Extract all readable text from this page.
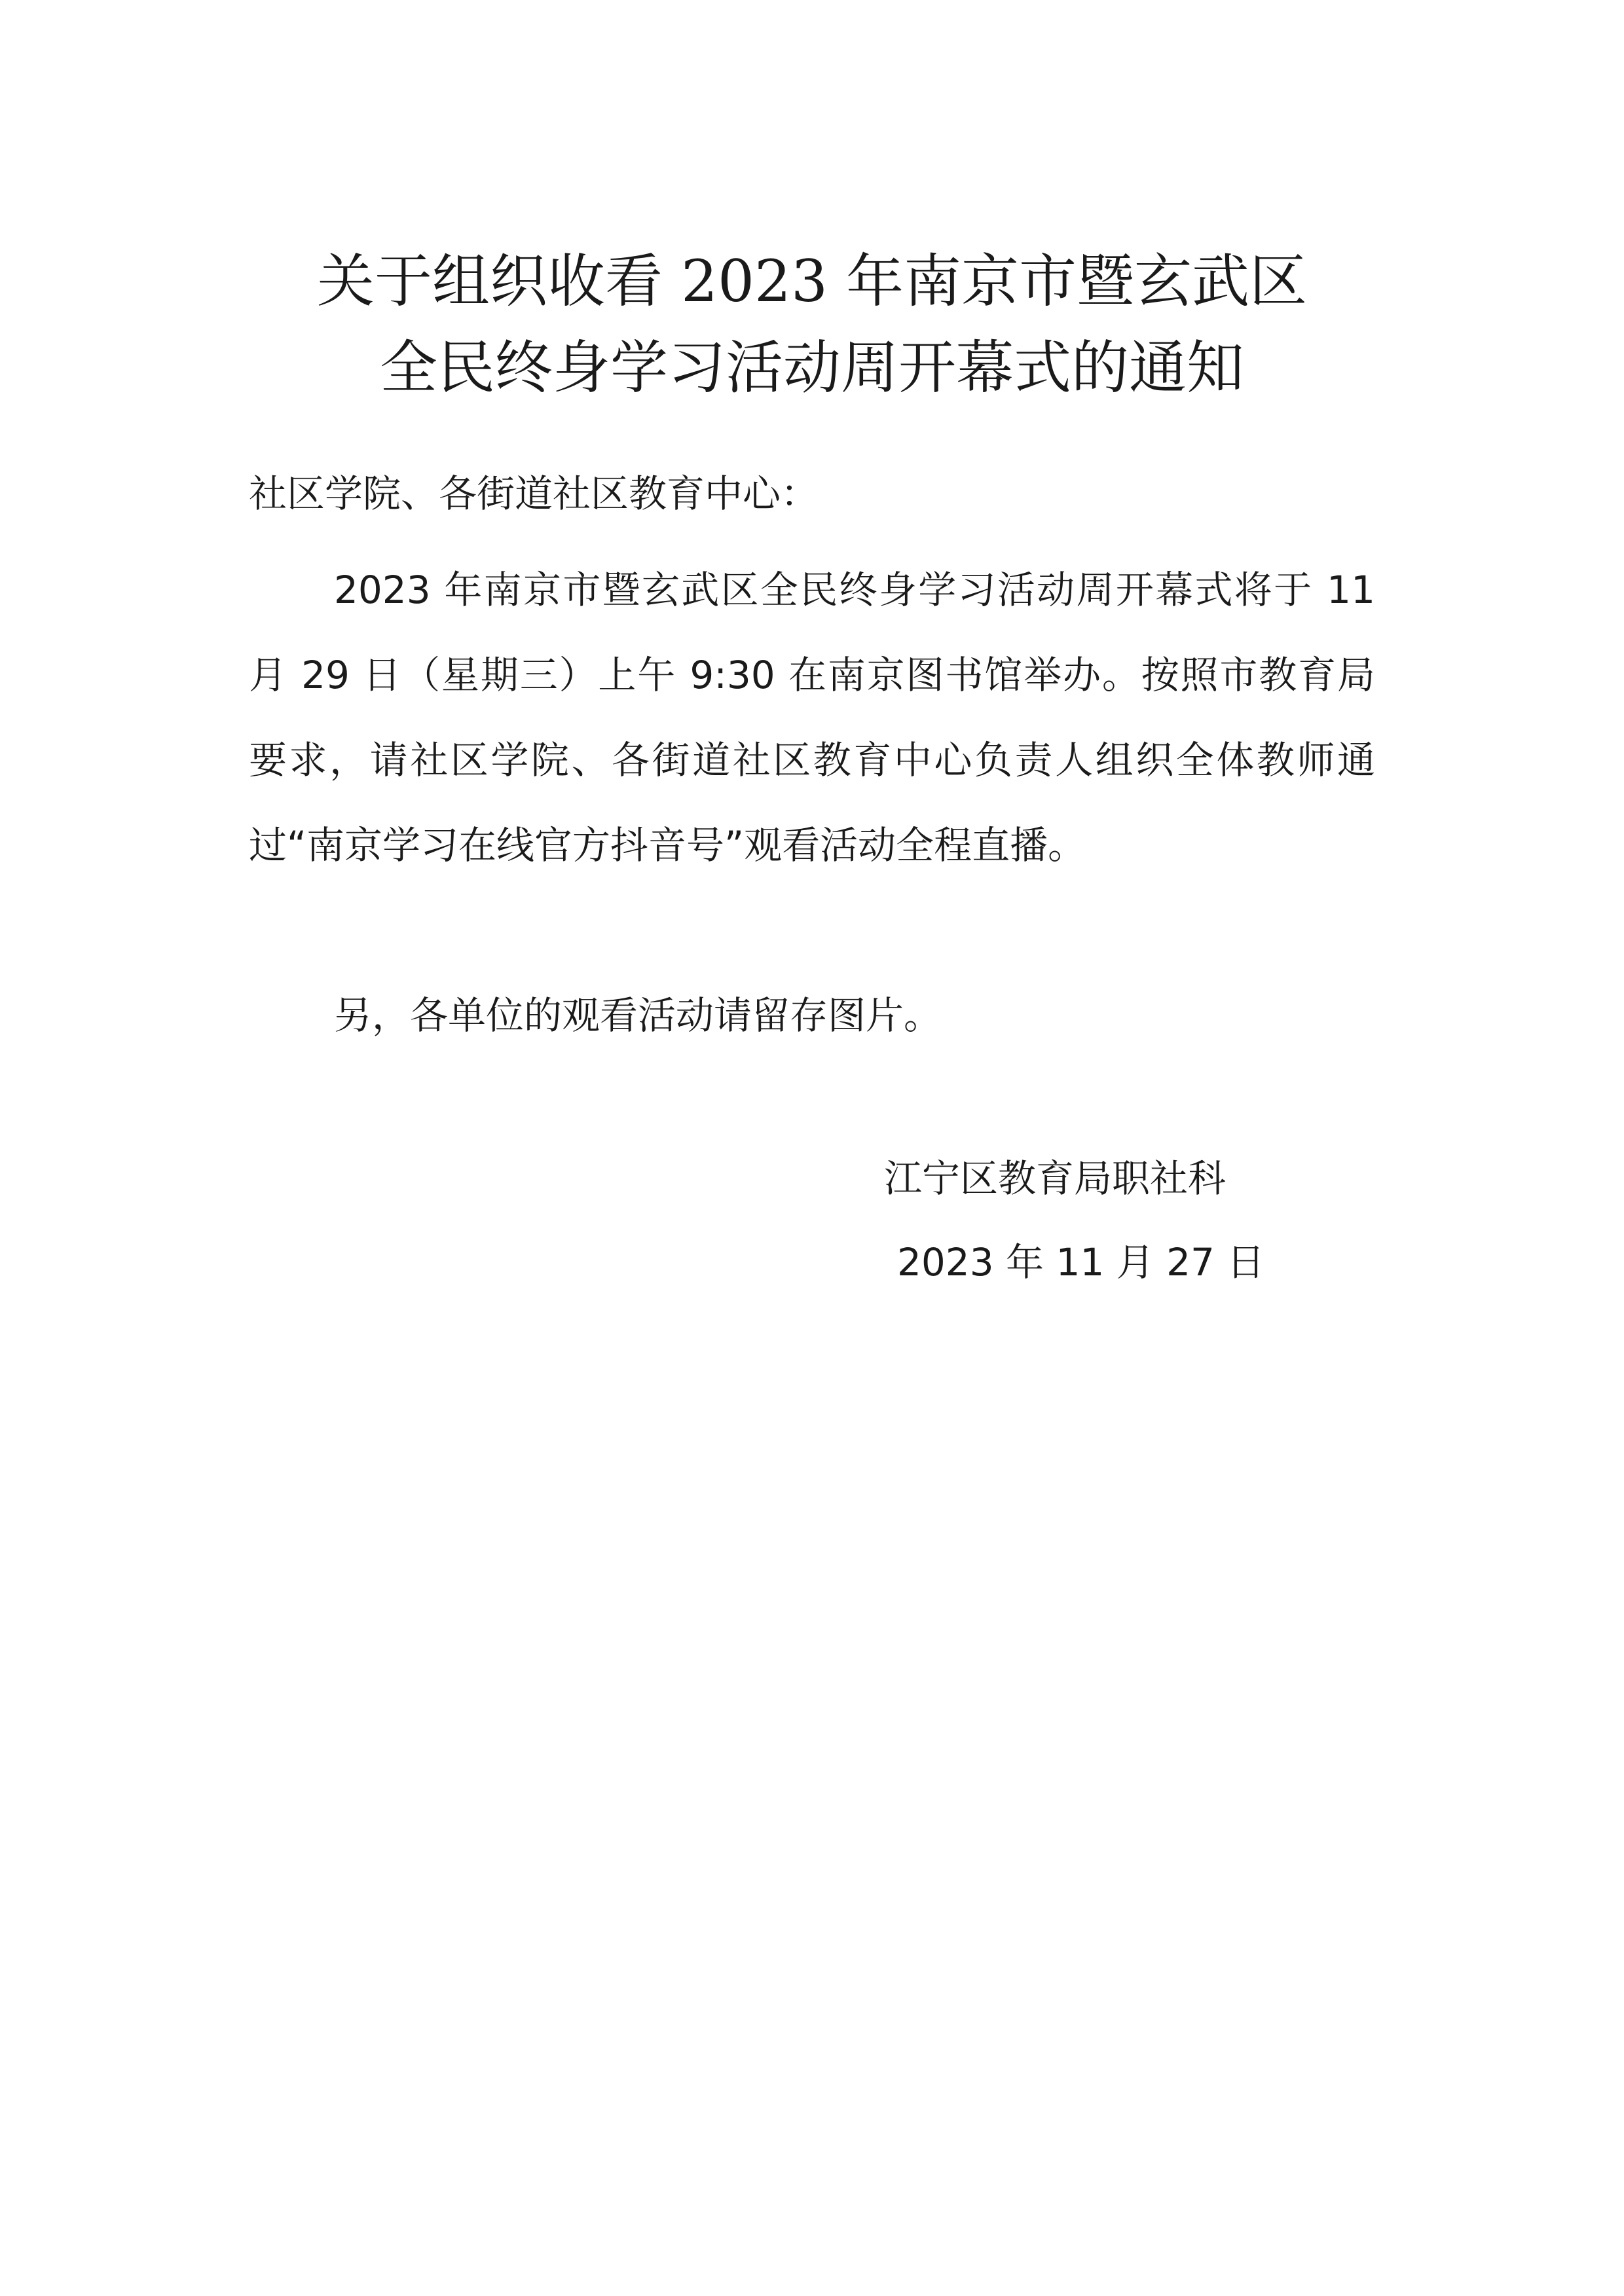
关于组织收看 2023 年南京市暨玄武区
全民终身学习活动周开幕式的通知

社区学院、各街道社区教育中心：

2023 年南京市暨玄武区全民终身学习活动周开幕式将于 11 月 29 日（星期三）上午 9:30 在南京图书馆举办。按照市教育局要求，请社区学院、各街道社区教育中心负责人组织全体教师通过“南京学习在线官方抖音号”观看活动全程直播。

另，各单位的观看活动请留存图片。

江宁区教育局职社科

2023 年 11 月 27 日
